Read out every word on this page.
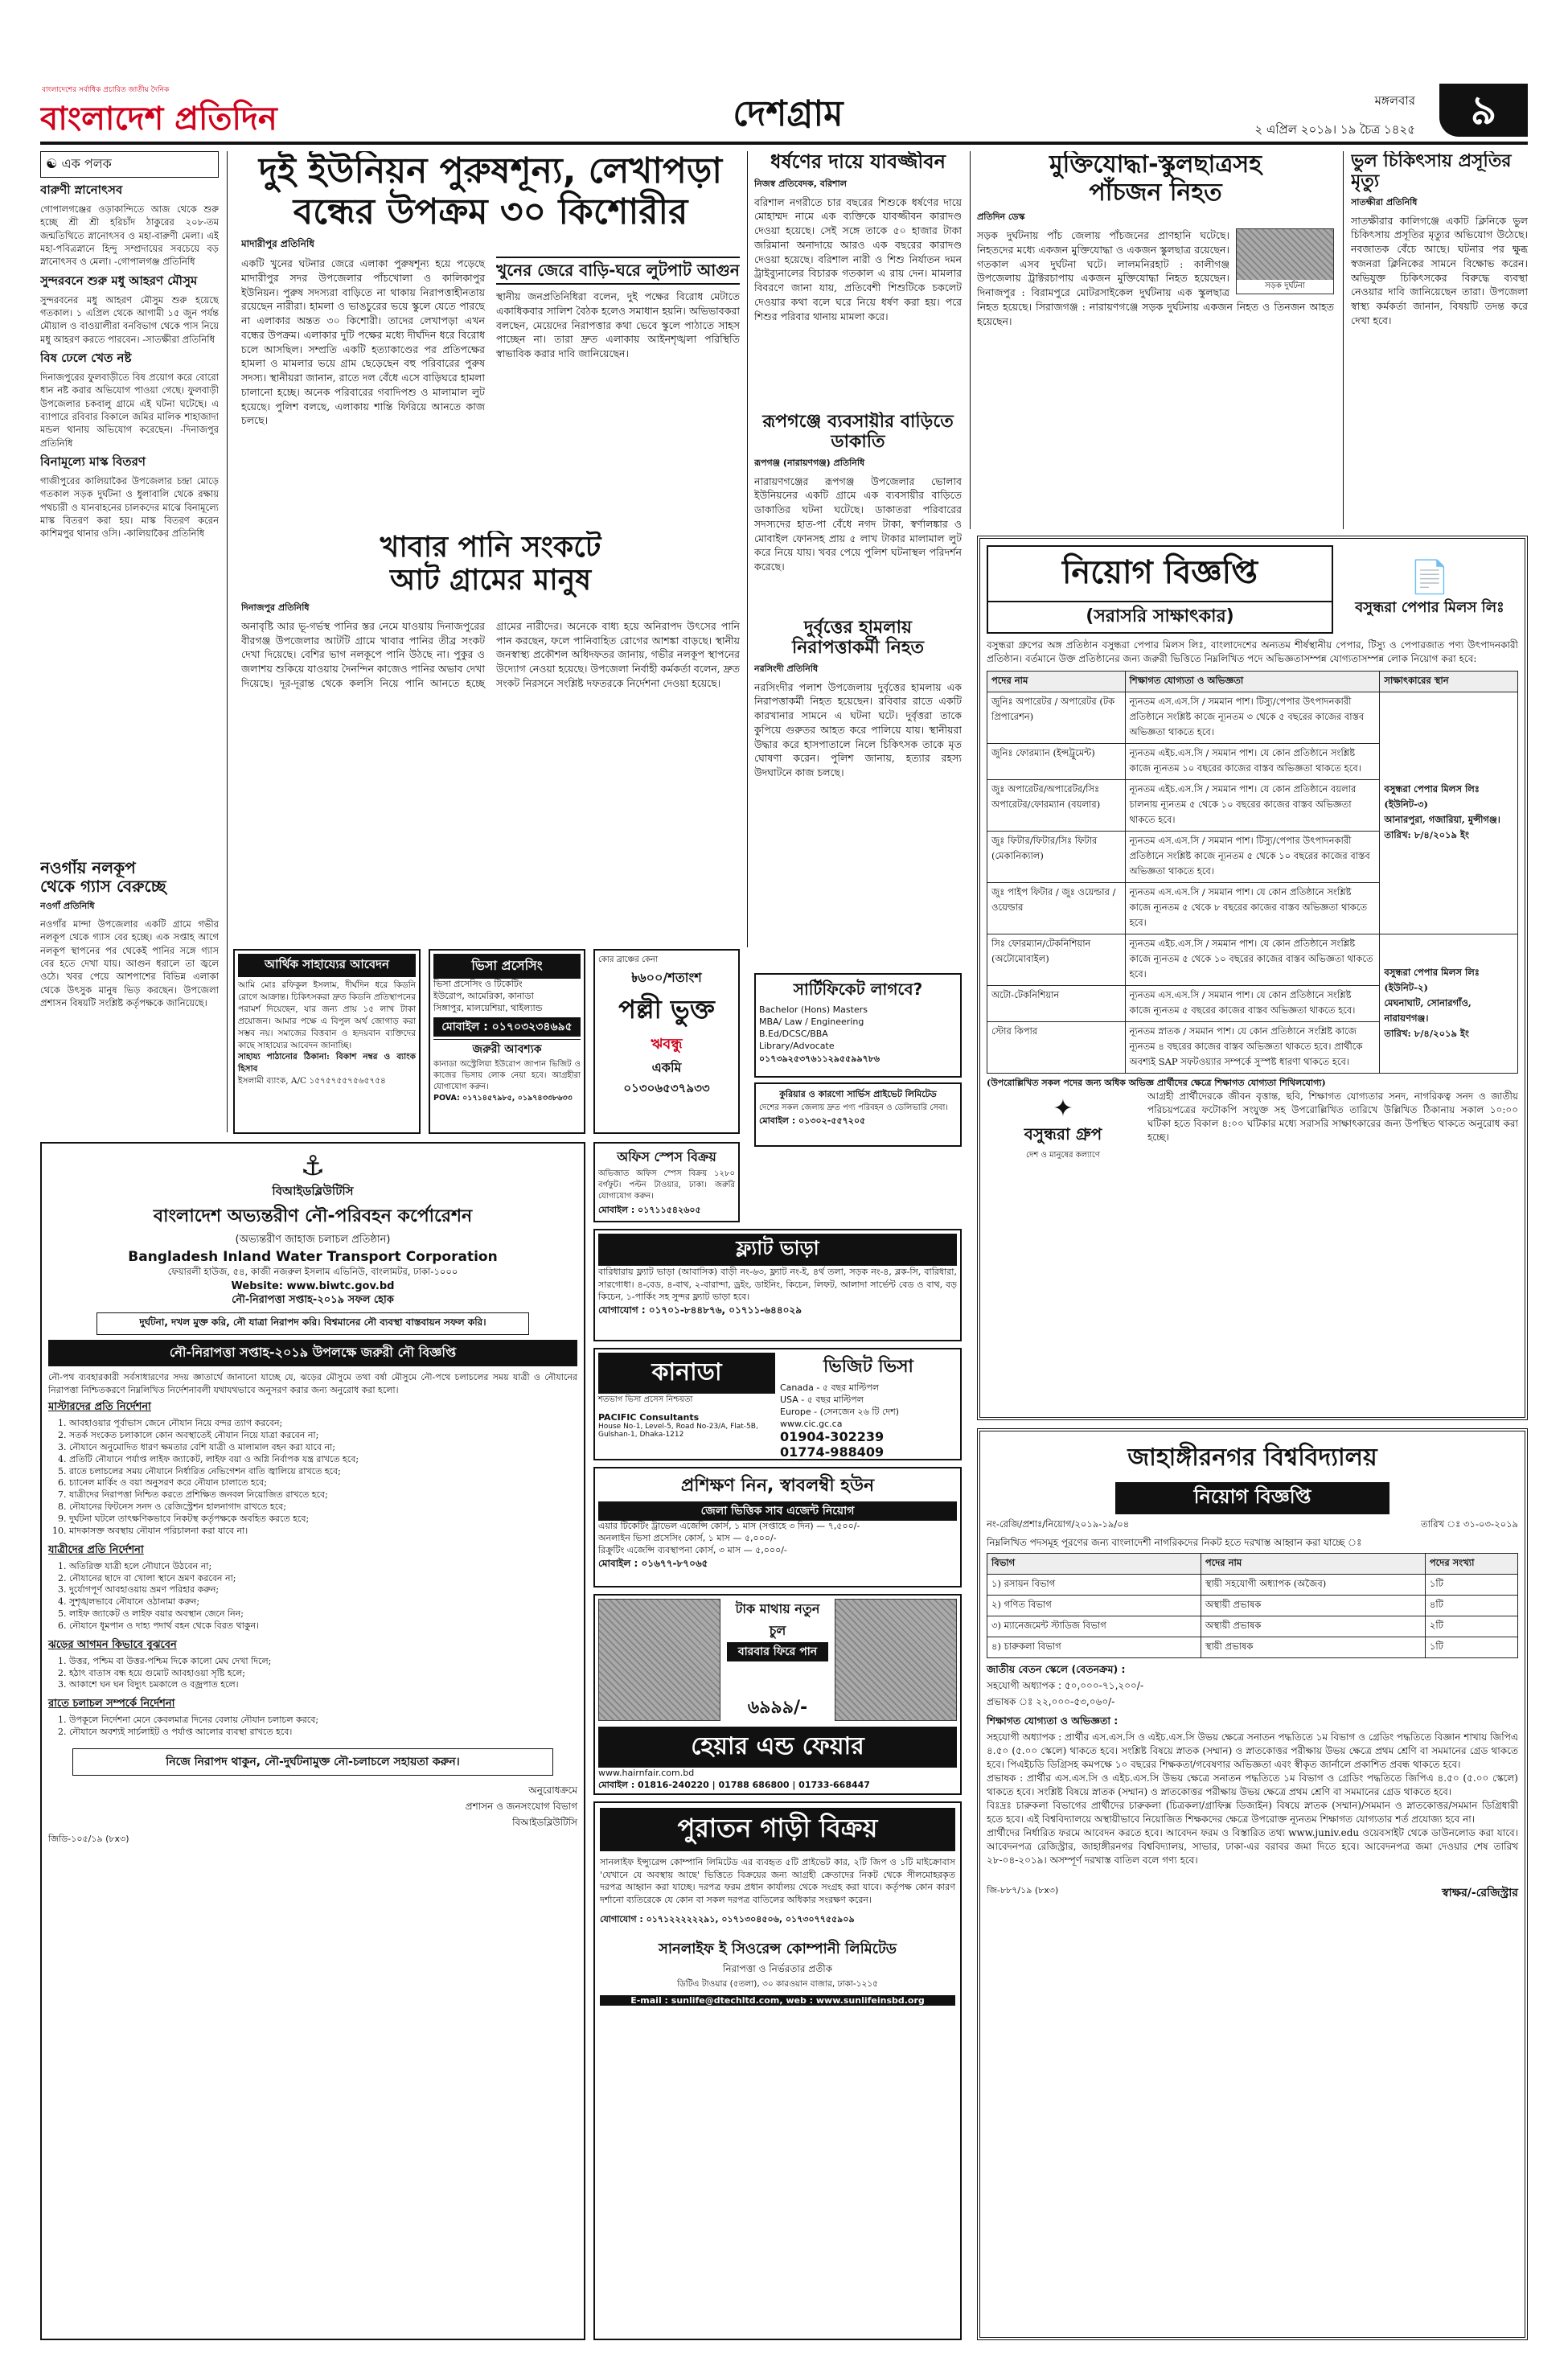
বাংলাদেশের সর্বাধিক প্রচারিত জাতীয় দৈনিক
বাংলাদেশ প্রতিদিন	দেশগ্রাম	মঙ্গলবার
২ এপ্রিল ২০১৯। ১৯ চৈত্র ১৪২৫	৯
☯ এক পলক
বারুণী স্নানোৎসব

গোপালগঞ্জের ওড়াকান্দিতে আজ থেকে শুরু হচ্ছে শ্রী শ্রী হরিচাঁদ ঠাকুরের ২০৮-তম জন্মতিথিতে স্নানোৎসব ও মহা-বারুণী মেলা। এই মহা-পবিত্রস্নানে হিন্দু সম্প্রদায়ের সবচেয়ে বড় স্নানোৎসব ও মেলা। -গোপালগঞ্জ প্রতিনিধি

সুন্দরবনে শুরু মধু আহরণ মৌসুম

সুন্দরবনের মধু আহরণ মৌসুম শুরু হয়েছে গতকাল। ১ এপ্রিল থেকে আগামী ১৫ জুন পর্যন্ত মৌয়াল ও বাওয়ালীরা বনবিভাগ থেকে পাস নিয়ে মধু আহরণ করতে পারবেন। -সাতক্ষীরা প্রতিনিধি

বিষ ঢেলে খেত নষ্ট

দিনাজপুরের ফুলবাড়ীতে বিষ প্রয়োগ করে বোরো ধান নষ্ট করার অভিযোগ পাওয়া গেছে। ফুলবাড়ী উপজেলার চকবালু গ্রামে এই ঘটনা ঘটেছে। এ ব্যাপারে রবিবার বিকালে জমির মালিক শাহাজাদা মন্ডল থানায় অভিযোগ করেছেন। -দিনাজপুর প্রতিনিধি

বিনামূল্যে মাস্ক বিতরণ

গাজীপুরের কালিয়াকৈর উপজেলার চন্দ্রা মোড়ে গতকাল সড়ক দুর্ঘটনা ও ধুলাবালি থেকে রক্ষায় পথচারী ও যানবাহনের চালকদের মাঝে বিনামূল্যে মাস্ক বিতরণ করা হয়। মাস্ক বিতরণ করেন কাশিমপুর থানার ওসি। -কালিয়াকৈর প্রতিনিধি

দুই ইউনিয়ন পুরুষশূন্য, লেখাপড়া
বন্ধের উপক্রম ৩০ কিশোরীর
মাদারীপুর প্রতিনিধি

একটি খুনের ঘটনার জেরে এলাকা পুরুষশূন্য হয়ে পড়েছে মাদারীপুর সদর উপজেলার পাঁচখোলা ও কালিকাপুর ইউনিয়ন। পুরুষ সদস্যরা বাড়িতে না থাকায় নিরাপত্তাহীনতায় রয়েছেন নারীরা। হামলা ও ভাঙচুরের ভয়ে স্কুলে যেতে পারছে না এলাকার অন্তত ৩০ কিশোরী। তাদের লেখাপড়া এখন বন্ধের উপক্রম। এলাকার দুটি পক্ষের মধ্যে দীর্ঘদিন ধরে বিরোধ চলে আসছিল। সম্প্রতি একটি হত্যাকাণ্ডের পর প্রতিপক্ষের হামলা ও মামলার ভয়ে গ্রাম ছেড়েছেন বহু পরিবারের পুরুষ সদস্য। স্থানীয়রা জানান, রাতে দল বেঁধে এসে বাড়িঘরে হামলা চালানো হচ্ছে। অনেক পরিবারের গবাদিপশু ও মালামাল লুট হয়েছে। পুলিশ বলছে, এলাকায় শান্তি ফিরিয়ে আনতে কাজ চলছে।

খুনের জেরে বাড়ি-ঘরে লুটপাট আগুন

স্থানীয় জনপ্রতিনিধিরা বলেন, দুই পক্ষের বিরোধ মেটাতে একাধিকবার সালিশ বৈঠক হলেও সমাধান হয়নি। অভিভাবকরা বলছেন, মেয়েদের নিরাপত্তার কথা ভেবে স্কুলে পাঠাতে সাহস পাচ্ছেন না। তারা দ্রুত এলাকায় আইনশৃঙ্খলা পরিস্থিতি স্বাভাবিক করার দাবি জানিয়েছেন।

ধর্ষণের দায়ে যাবজ্জীবন
নিজস্ব প্রতিবেদক, বরিশাল

বরিশাল নগরীতে চার বছরের শিশুকে ধর্ষণের দায়ে মোহাম্মদ নামে এক ব্যক্তিকে যাবজ্জীবন কারাদণ্ড দেওয়া হয়েছে। সেই সঙ্গে তাকে ৫০ হাজার টাকা জরিমানা অনাদায়ে আরও এক বছরের কারাদণ্ড দেওয়া হয়েছে। বরিশাল নারী ও শিশু নির্যাতন দমন ট্রাইব্যুনালের বিচারক গতকাল এ রায় দেন। মামলার বিবরণে জানা যায়, প্রতিবেশী শিশুটিকে চকলেট দেওয়ার কথা বলে ঘরে নিয়ে ধর্ষণ করা হয়। পরে শিশুর পরিবার থানায় মামলা করে।

রূপগঞ্জে ব্যবসায়ীর বাড়িতে ডাকাতি
রূপগঞ্জ (নারায়ণগঞ্জ) প্রতিনিধি

নারায়ণগঞ্জের রূপগঞ্জ উপজেলার ভোলাব ইউনিয়নের একটি গ্রামে এক ব্যবসায়ীর বাড়িতে ডাকাতির ঘটনা ঘটেছে। ডাকাতরা পরিবারের সদস্যদের হাত-পা বেঁধে নগদ টাকা, স্বর্ণালঙ্কার ও মোবাইল ফোনসহ প্রায় ৫ লাখ টাকার মালামাল লুট করে নিয়ে যায়। খবর পেয়ে পুলিশ ঘটনাস্থল পরিদর্শন করেছে।

মুক্তিযোদ্ধা-স্কুলছাত্রসহ
পাঁচজন নিহত
প্রতিদিন ডেস্ক
সড়ক দুর্ঘটনা

সড়ক দুর্ঘটনায় পাঁচ জেলায় পাঁচজনের প্রাণহানি ঘটেছে। নিহতদের মধ্যে একজন মুক্তিযোদ্ধা ও একজন স্কুলছাত্র রয়েছেন। গতকাল এসব দুর্ঘটনা ঘটে। লালমনিরহাট : কালীগঞ্জ উপজেলায় ট্রাক্টরচাপায় একজন মুক্তিযোদ্ধা নিহত হয়েছেন। দিনাজপুর : বিরামপুরে মোটরসাইকেল দুর্ঘটনায় এক স্কুলছাত্র নিহত হয়েছে। সিরাজগঞ্জ : নারায়ণগঞ্জে সড়ক দুর্ঘটনায় একজন নিহত ও তিনজন আহত হয়েছেন।

ভুল চিকিৎসায় প্রসূতির মৃত্যু
সাতক্ষীরা প্রতিনিধি

সাতক্ষীরার কালিগঞ্জে একটি ক্লিনিকে ভুল চিকিৎসায় প্রসূতির মৃত্যুর অভিযোগ উঠেছে। নবজাতক বেঁচে আছে। ঘটনার পর ক্ষুব্ধ স্বজনরা ক্লিনিকের সামনে বিক্ষোভ করেন। অভিযুক্ত চিকিৎসকের বিরুদ্ধে ব্যবস্থা নেওয়ার দাবি জানিয়েছেন তারা। উপজেলা স্বাস্থ্য কর্মকর্তা জানান, বিষয়টি তদন্ত করে দেখা হবে।

খাবার পানি সংকটে
আট গ্রামের মানুষ
দিনাজপুর প্রতিনিধি

অনাবৃষ্টি আর ভূ-গর্ভস্থ পানির স্তর নেমে যাওয়ায় দিনাজপুরের বীরগঞ্জ উপজেলার আটটি গ্রামে খাবার পানির তীব্র সংকট দেখা দিয়েছে। বেশির ভাগ নলকূপে পানি উঠছে না। পুকুর ও জলাশয় শুকিয়ে যাওয়ায় দৈনন্দিন কাজেও পানির অভাব দেখা দিয়েছে। দূর-দূরান্ত থেকে কলসি নিয়ে পানি আনতে হচ্ছে গ্রামের নারীদের। অনেকে বাধ্য হয়ে অনিরাপদ উৎসের পানি পান করছেন, ফলে পানিবাহিত রোগের আশঙ্কা বাড়ছে। স্থানীয় জনস্বাস্থ্য প্রকৌশল অধিদফতর জানায়, গভীর নলকূপ স্থাপনের উদ্যোগ নেওয়া হয়েছে। উপজেলা নির্বাহী কর্মকর্তা বলেন, দ্রুত সংকট নিরসনে সংশ্লিষ্ট দফতরকে নির্দেশনা দেওয়া হয়েছে।

দুর্বৃত্তের হামলায়
নিরাপত্তাকর্মী নিহত
নরসিংদী প্রতিনিধি

নরসিংদীর পলাশ উপজেলায় দুর্বৃত্তের হামলায় এক নিরাপত্তাকর্মী নিহত হয়েছেন। রবিবার রাতে একটি কারখানার সামনে এ ঘটনা ঘটে। দুর্বৃত্তরা তাকে কুপিয়ে গুরুতর আহত করে পালিয়ে যায়। স্থানীয়রা উদ্ধার করে হাসপাতালে নিলে চিকিৎসক তাকে মৃত ঘোষণা করেন। পুলিশ জানায়, হত্যার রহস্য উদঘাটনে কাজ চলছে।

নওগাঁয় নলকূপ
থেকে গ্যাস বেরুচ্ছে
নওগাঁ প্রতিনিধি

নওগাঁর মান্দা উপজেলার একটি গ্রামে গভীর নলকূপ থেকে গ্যাস বের হচ্ছে। এক সপ্তাহ আগে নলকূপ স্থাপনের পর থেকেই পানির সঙ্গে গ্যাস বের হতে দেখা যায়। আগুন ধরালে তা জ্বলে ওঠে। খবর পেয়ে আশপাশের বিভিন্ন এলাকা থেকে উৎসুক মানুষ ভিড় করছেন। উপজেলা প্রশাসন বিষয়টি সংশ্লিষ্ট কর্তৃপক্ষকে জানিয়েছে।

আর্থিক সাহায্যের আবেদন

আমি মোঃ রফিকুল ইসলাম, দীর্ঘদিন ধরে কিডনি রোগে আক্রান্ত। চিকিৎসকরা দ্রুত কিডনি প্রতিস্থাপনের পরামর্শ দিয়েছেন, যার জন্য প্রায় ১৫ লাখ টাকা প্রয়োজন। আমার পক্ষে এ বিপুল অর্থ জোগাড় করা সম্ভব নয়। সমাজের বিত্তবান ও হৃদয়বান ব্যক্তিদের কাছে সাহায্যের আবেদন জানাচ্ছি।

সাহায্য পাঠানোর ঠিকানা: বিকাশ নম্বর ও ব্যাংক হিসাব

ইসলামী ব্যাংক, A/C ১৫৭৫৭৫৫৭৫৬৫৭৫৪

ভিসা প্রসেসিং
ভিসা প্রসেসিং ও টিকেটিং
ইউরোপ, আমেরিকা, কানাডা
সিঙ্গাপুর, মালয়েশিয়া, থাইল্যান্ড
মোবাইল : ০১৭০৩২৩৪৬৯৫
জরুরী আবশ্যক

কানাডা অস্ট্রেলিয়া ইউরোপ জাপান ভিজিট ও কাজের ভিসায় লোক নেয়া হবে। আগ্রহীরা যোগাযোগ করুন।

POVA: ০১৭১৪৫৭৯৮৫, ০১৯৭৪৩৩৮৬৩৩
কোর ব্রাঞ্চের কেনা
৳৬০০/শতাংশ
পল্লী ভুক্ত
ঋবন্ধু
একমি
০১৩০৬৫৩৭৯৩৩
সার্টিফিকেট লাগবে?
Bachelor (Hons) Masters
MBA/ Law / Engineering
B.Ed/DCSC/BBA
Library/Advocate
০১৭৩৯২৫৩৭৬১১২৯৫৫৯৯৭৮৬
অফিস স্পেস বিক্রয়

অভিজাত অফিস স্পেস বিক্রয় ১২৮০ বর্গফুট। পল্টন টাওয়ার, ঢাকা। জরুরি যোগাযোগ করুন।

মোবাইল : ০১৭১১৫৪২৬০৫
কুরিয়ার ও কারগো সার্ভিস প্রাইভেট লিমিটেড

দেশের সকল জেলায় দ্রুত পণ্য পরিবহন ও ডেলিভারি সেবা।

মোবাইল : ০১৩০২-৫৫৭২০৫
ফ্ল্যাট ভাড়া

বারিধারায় ফ্ল্যাট ভাড়া (আবাসিক) বাড়ী নং-৬৩, ফ্ল্যাট নং-ই, ৪র্থ তলা, সড়ক নং-৪, ব্লক-সি, বারিধারা, সারগোধা। ৪-বেড, ৪-বাথ, ২-বারান্দা, ড্রইং, ডাইনিং, কিচেন, লিফট, আলাদা সার্ভেন্ট বেড ও বাথ, বড় কিচেন, ১-পার্কিং সহ সুন্দর ফ্ল্যাট ভাড়া হবে।

যোগাযোগ : ০১৭০১-৮৪৪৮৭৬, ০১৭১১-৬৪৪০২৯
কানাডা
শতভাগ ভিসা প্রসেস নিশ্চয়তা
PACIFIC Consultants
House No-1, Level-5, Road No-23/A, Flat-5B, Gulshan-1, Dhaka-1212
ভিজিট ভিসা
Canada - ৫ বছর মাল্টিপল
USA - ৫ বছর মাল্টিপল
Europe - (সেনজেন ২৬ টি দেশ)
www.cic.gc.ca
01904-302239
01774-988409
প্রশিক্ষণ নিন, স্বাবলম্বী হউন
জেলা ভিত্তিক সাব এজেন্ট নিয়োগ
এয়ার টিকেটিং ট্রাভেল এজেন্সি কোর্স, ১ মাস (সপ্তাহে ৩ দিন) — ৭,৫০০/-
অনলাইন ভিসা প্রসেসিং কোর্স, ১ মাস — ৫,০০০/-
রিক্রুটিং এজেন্সি ব্যবস্থাপনা কোর্স, ৩ মাস — ৫,০০০/-
মোবাইল : ০১৬৭৭-৮৭০৬৫
টাক মাথায় নতুন চুল
বারবার ফিরে পান
৬৯৯৯/-
হেয়ার এন্ড ফেয়ার
www.hairnfair.com.bd
মোবাইল : 01816-240220 | 01788 686800 | 01733-668447
পুরাতন গাড়ী বিক্রয়

সানলাইফ ইন্স্যুরেন্স কোম্পানি লিমিটেড এর ব্যবহৃত ৫টি প্রাইভেট কার, ২টি জিপ ও ১টি মাইক্রোবাস 'যেখানে যে অবস্থায় আছে' ভিত্তিতে বিক্রয়ের জন্য আগ্রহী ক্রেতাদের নিকট থেকে সীলমোহরকৃত দরপত্র আহ্বান করা যাচ্ছে। দরপত্র ফরম প্রধান কার্যালয় থেকে সংগ্রহ করা যাবে। কর্তৃপক্ষ কোন কারণ দর্শানো ব্যতিরেকে যে কোন বা সকল দরপত্র বাতিলের অধিকার সংরক্ষণ করেন।

যোগাযোগ : ০১৭১২২২২২২৯১, ০১৭১৩০৪৫০৬, ০১৭৩০৭৭৫৫৯০৯
সানলাইফ ই সিওরেন্স কোম্পানী লিমিটেড
নিরাপত্তা ও নির্ভরতার প্রতীক
ডিটিএ টাওয়ার (৫তলা), ৩০ কারওয়ান বাজার, ঢাকা-১২১৫
E-mail : sunlife@dtechltd.com, web : www.sunlifeinsbd.org
⚓
বিআইডব্লিউটিসি
বাংলাদেশ অভ্যন্তরীণ নৌ-পরিবহন কর্পোরেশন
(অভ্যন্তরীণ জাহাজ চলাচল প্রতিষ্ঠান)
Bangladesh Inland Water Transport Corporation
ফেয়ারলী হাউজ, ৫৪, কাজী নজরুল ইসলাম এভিনিউ, বাংলামটর, ঢাকা-১০০০
Website: www.biwtc.gov.bd
নৌ-নিরাপত্তা সপ্তাহ-২০১৯ সফল হোক
দুর্ঘটনা, দখল মুক্ত করি, নৌ যাত্রা নিরাপদ করি। বিশ্বমানের নৌ ব্যবস্থা বাস্তবায়ন সফল করি।
নৌ-নিরাপত্তা সপ্তাহ-২০১৯ উপলক্ষে জরুরী নৌ বিজ্ঞপ্তি

নৌ-পথ ব্যবহারকারী সর্বসাধারণের সদয় জ্ঞাতার্থে জানানো যাচ্ছে যে, ঝড়ের মৌসুমে তথা বর্ষা মৌসুমে নৌ-পথে চলাচলের সময় যাত্রী ও নৌযানের নিরাপত্তা নিশ্চিতকরণে নিম্নলিখিত নির্দেশনাবলী যথাযথভাবে অনুসরণ করার জন্য অনুরোধ করা হলো।

মাস্টারদের প্রতি নির্দেশনা
1. আবহাওয়ার পূর্বাভাস জেনে নৌযান নিয়ে বন্দর ত্যাগ করবেন;
2. সতর্ক সংকেত চলাকালে কোন অবস্থাতেই নৌযান নিয়ে যাত্রা করবেন না;
3. নৌযানে অনুমোদিত ধারণ ক্ষমতার বেশি যাত্রী ও মালামাল বহন করা যাবে না;
4. প্রতিটি নৌযানে পর্যাপ্ত লাইফ জ্যাকেট, লাইফ বয়া ও অগ্নি নির্বাপক যন্ত্র রাখতে হবে;
5. রাতে চলাচলের সময় নৌযানে নির্ধারিত নেভিগেশন বাতি জ্বালিয়ে রাখতে হবে;
6. চ্যানেল মার্কিং ও বয়া অনুসরণ করে নৌযান চালাতে হবে;
7. যাত্রীদের নিরাপত্তা নিশ্চিত করতে প্রশিক্ষিত জনবল নিয়োজিত রাখতে হবে;
8. নৌযানের ফিটনেস সনদ ও রেজিস্ট্রেশন হালনাগাদ রাখতে হবে;
9. দুর্ঘটনা ঘটলে তাৎক্ষণিকভাবে নিকটস্থ কর্তৃপক্ষকে অবহিত করতে হবে;
10. মাদকাসক্ত অবস্থায় নৌযান পরিচালনা করা যাবে না।
যাত্রীদের প্রতি নির্দেশনা
1. অতিরিক্ত যাত্রী হলে নৌযানে উঠবেন না;
2. নৌযানের ছাদে বা খোলা স্থানে ভ্রমণ করবেন না;
3. দুর্যোগপূর্ণ আবহাওয়ায় ভ্রমণ পরিহার করুন;
4. সুশৃঙ্খলভাবে নৌযানে ওঠানামা করুন;
5. লাইফ জ্যাকেট ও লাইফ বয়ার অবস্থান জেনে নিন;
6. নৌযানে ধূমপান ও দাহ্য পদার্থ বহন থেকে বিরত থাকুন।
ঝড়ের আগমন কিভাবে বুঝবেন
1. উত্তর, পশ্চিম বা উত্তর-পশ্চিম দিকে কালো মেঘ দেখা দিলে;
2. হঠাৎ বাতাস বন্ধ হয়ে গুমোট আবহাওয়া সৃষ্টি হলে;
3. আকাশে ঘন ঘন বিদ্যুৎ চমকালে ও বজ্রপাত হলে।
রাতে চলাচল সম্পর্কে নির্দেশনা
1. উপকূলে নির্দেশনা মেনে কেবলমাত্র দিনের বেলায় নৌযান চলাচল করবে;
2. নৌযানে অবশ্যই সার্চলাইট ও পর্যাপ্ত আলোর ব্যবস্থা রাখতে হবে।
নিজে নিরাপদ থাকুন, নৌ-দুর্ঘটনামুক্ত নৌ-চলাচলে সহায়তা করুন।
অনুরোধক্রমে
প্রশাসন ও জনসংযোগ বিভাগ
বিআইডব্লিউটিসি
জিডি-১০৫/১৯ (৮x৩)
নিয়োগ বিজ্ঞপ্তি
(সরাসরি সাক্ষাৎকার)
📄
বসুন্ধরা পেপার মিলস লিঃ

বসুন্ধরা গ্রুপের অঙ্গ প্রতিষ্ঠান বসুন্ধরা পেপার মিলস লিঃ, বাংলাদেশের অন্যতম শীর্ষস্থানীয় পেপার, টিস্যু ও পেপারজাত পণ্য উৎপাদনকারী প্রতিষ্ঠান। বর্তমানে উক্ত প্রতিষ্ঠানের জন্য জরুরী ভিত্তিতে নিম্নলিখিত পদে অভিজ্ঞতাসম্পন্ন যোগ্যতাসম্পন্ন লোক নিয়োগ করা হবে:

পদের নাম	শিক্ষাগত যোগ্যতা ও অভিজ্ঞতা	সাক্ষাৎকারের স্থান
জুনিঃ অপারেটর / অপারেটর (টক প্রিপারেশন)	ন্যূনতম এস.এস.সি / সমমান পাশ। টিস্যু/পেপার উৎপাদনকারী প্রতিষ্ঠানে সংশ্লিষ্ট কাজে ন্যূনতম ৩ থেকে ৫ বছরের কাজের বাস্তব অভিজ্ঞতা থাকতে হবে।	বসুন্ধরা পেপার মিলস লিঃ (ইউনিট-৩)
আনারপুরা, গজারিয়া, মুন্সীগঞ্জ।
তারিখ: ৮/৪/২০১৯ ইং
জুনিঃ ফোরম্যান (ইন্সট্রুমেন্ট)	ন্যূনতম এইচ.এস.সি / সমমান পাশ। যে কোন প্রতিষ্ঠানে সংশ্লিষ্ট কাজে ন্যূনতম ১০ বছরের কাজের বাস্তব অভিজ্ঞতা থাকতে হবে।	
জুঃ অপারেটর/অপারেটর/সিঃ অপারেটর/ফোরম্যান (বয়লার)	ন্যূনতম এইচ.এস.সি / সমমান পাশ। যে কোন প্রতিষ্ঠানে বয়লার চালনায় ন্যূনতম ৫ থেকে ১০ বছরের কাজের বাস্তব অভিজ্ঞতা থাকতে হবে।	
জুঃ ফিটার/ফিটার/সিঃ ফিটার (মেকানিক্যাল)	ন্যূনতম এস.এস.সি / সমমান পাশ। টিস্যু/পেপার উৎপাদনকারী প্রতিষ্ঠানে সংশ্লিষ্ট কাজে ন্যূনতম ৫ থেকে ১০ বছরের কাজের বাস্তব অভিজ্ঞতা থাকতে হবে।	
জুঃ পাইপ ফিটার / জুঃ ওয়েল্ডার / ওয়েল্ডার	ন্যূনতম এস.এস.সি / সমমান পাশ। যে কোন প্রতিষ্ঠানে সংশ্লিষ্ট কাজে ন্যূনতম ৫ থেকে ৮ বছরের কাজের বাস্তব অভিজ্ঞতা থাকতে হবে।	
সিঃ ফোরম্যান/টেকনিশিয়ান (অটোমোবাইল)	ন্যূনতম এইচ.এস.সি / সমমান পাশ। যে কোন প্রতিষ্ঠানে সংশ্লিষ্ট কাজে ন্যূনতম ৫ থেকে ১০ বছরের কাজের বাস্তব অভিজ্ঞতা থাকতে হবে।	বসুন্ধরা পেপার মিলস লিঃ (ইউনিট-২)
মেঘনাঘাট, সোনারগাঁও, নারায়ণগঞ্জ।
তারিখ: ৮/৪/২০১৯ ইং
অটো-টেকনিশিয়ান	ন্যূনতম এস.এস.সি / সমমান পাশ। যে কোন প্রতিষ্ঠানে সংশ্লিষ্ট কাজে ন্যূনতম ৫ বছরের কাজের বাস্তব অভিজ্ঞতা থাকতে হবে।	
স্টোর কিপার	ন্যূনতম স্নাতক / সমমান পাশ। যে কোন প্রতিষ্ঠানে সংশ্লিষ্ট কাজে ন্যূনতম ৪ বছরের কাজের বাস্তব অভিজ্ঞতা থাকতে হবে। প্রার্থীকে অবশ্যই SAP সফটওয়্যার সম্পর্কে সুস্পষ্ট ধারণা থাকতে হবে।	

(উপরোল্লিখিত সকল পদের জন্য অধিক অভিজ্ঞ প্রার্থীদের ক্ষেত্রে শিক্ষাগত যোগ্যতা শিথিলযোগ্য)

✦
বসুন্ধরা গ্রুপ
দেশ ও মানুষের কল্যাণে

আগ্রহী প্রার্থীদেরকে জীবন বৃত্তান্ত, ছবি, শিক্ষাগত যোগ্যতার সনদ, নাগরিকত্ব সনদ ও জাতীয় পরিচয়পত্রের ফটোকপি সংযুক্ত সহ উপরোল্লিখিত তারিখে উল্লিখিত ঠিকানায় সকাল ১০:০০ ঘটিকা হতে বিকাল ৪:০০ ঘটিকার মধ্যে সরাসরি সাক্ষাৎকারের জন্য উপস্থিত থাকতে অনুরোধ করা হচ্ছে।

জাহাঙ্গীরনগর বিশ্ববিদ্যালয়
নিয়োগ বিজ্ঞপ্তি
নং-রেজি/প্রশাঃ/নিয়োগ/২০১৯-১৯/০৪	তারিখ ঃ ৩১-০৩-২০১৯

নিম্নলিখিত পদসমূহ পূরণের জন্য বাংলাদেশী নাগরিকদের নিকট হতে দরখাস্ত আহ্বান করা যাচ্ছে ঃ

বিভাগ	পদের নাম	পদের সংখ্যা
১) রসায়ন বিভাগ	স্থায়ী সহযোগী অধ্যাপক (অজৈব)	১টি
২) গণিত বিভাগ	অস্থায়ী প্রভাষক	৪টি
৩) ম্যানেজমেন্ট স্টাডিজ বিভাগ	অস্থায়ী প্রভাষক	২টি
৪) চারুকলা বিভাগ	স্থায়ী প্রভাষক	১টি
জাতীয় বেতন স্কেলে (বেতনক্রম) :
সহযোগী অধ্যাপক : ৫০,০০০-৭১,২০০/-
প্রভাষক ঃ ২২,০০০-৫৩,০৬০/-
শিক্ষাগত যোগ্যতা ও অভিজ্ঞতা :

সহযোগী অধ্যাপক : প্রার্থীর এস.এস.সি ও এইচ.এস.সি উভয় ক্ষেত্রে সনাতন পদ্ধতিতে ১ম বিভাগ ও গ্রেডিং পদ্ধতিতে বিজ্ঞান শাখায় জিপিএ ৪.৫০ (৫.০০ স্কেলে) থাকতে হবে। সংশ্লিষ্ট বিষয়ে স্নাতক (সম্মান) ও স্নাতকোত্তর পরীক্ষায় উভয় ক্ষেত্রে প্রথম শ্রেণি বা সমমানের গ্রেড থাকতে হবে। পিএইচডি ডিগ্রিসহ কমপক্ষে ১০ বছরের শিক্ষকতা/গবেষণার অভিজ্ঞতা এবং স্বীকৃত জার্নালে প্রকাশিত প্রবন্ধ থাকতে হবে।

প্রভাষক : প্রার্থীর এস.এস.সি ও এইচ.এস.সি উভয় ক্ষেত্রে সনাতন পদ্ধতিতে ১ম বিভাগ ও গ্রেডিং পদ্ধতিতে জিপিএ ৪.৫০ (৫.০০ স্কেলে) থাকতে হবে। সংশ্লিষ্ট বিষয়ে স্নাতক (সম্মান) ও স্নাতকোত্তর পরীক্ষায় উভয় ক্ষেত্রে প্রথম শ্রেণি বা সমমানের গ্রেড থাকতে হবে।

বিঃদ্রঃ চারুকলা বিভাগের প্রার্থীদের চারুকলা (চিত্রকলা/গ্রাফিক্স ডিজাইন) বিষয়ে স্নাতক (সম্মান)/সমমান ও স্নাতকোত্তর/সমমান ডিগ্রিধারী হতে হবে। এই বিশ্ববিদ্যালয়ে অস্থায়ীভাবে নিয়োজিত শিক্ষকদের ক্ষেত্রে উপরোক্ত ন্যূনতম শিক্ষাগত যোগ্যতার শর্ত প্রযোজ্য হবে না।

প্রার্থীদের নির্ধারিত ফরমে আবেদন করতে হবে। আবেদন ফরম ও বিস্তারিত তথ্য www.juniv.edu ওয়েবসাইট থেকে ডাউনলোড করা যাবে। আবেদনপত্র রেজিস্ট্রার, জাহাঙ্গীরনগর বিশ্ববিদ্যালয়, সাভার, ঢাকা-এর বরাবর জমা দিতে হবে। আবেদনপত্র জমা দেওয়ার শেষ তারিখ ২৮-০৪-২০১৯। অসম্পূর্ণ দরখাস্ত বাতিল বলে গণ্য হবে।

জি-৮৮৭/১৯ (৮x৩)	স্বাক্ষর/-রেজিস্ট্রার
